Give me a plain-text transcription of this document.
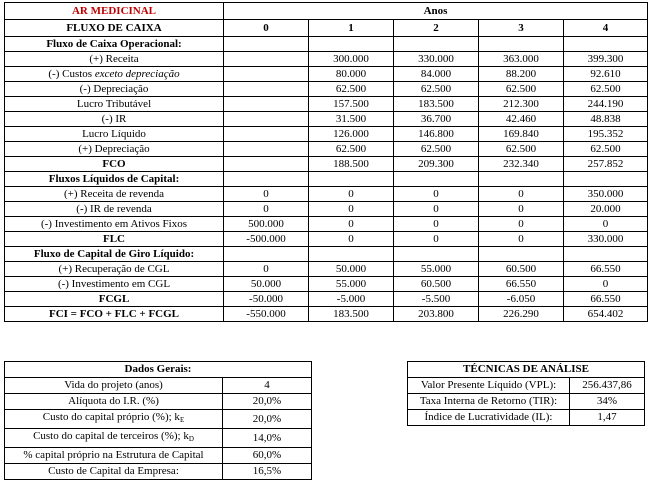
AR MEDICINAL	Anos				
FLUXO DE CAIXA	0	1	2	3	4
Fluxo de Caixa Operacional:					
(+) Receita		300.000	330.000	363.000	399.300
(-) Custos exceto depreciação		80.000	84.000	88.200	92.610
(-) Depreciação		62.500	62.500	62.500	62.500
Lucro Tributável		157.500	183.500	212.300	244.190
(-) IR		31.500	36.700	42.460	48.838
Lucro Líquido		126.000	146.800	169.840	195.352
(+) Depreciação		62.500	62.500	62.500	62.500
FCO		188.500	209.300	232.340	257.852
Fluxos Líquidos de Capital:					
(+) Receita de revenda	0	0	0	0	350.000
(-) IR de revenda	0	0	0	0	20.000
(-) Investimento em Ativos Fixos	500.000	0	0	0	0
FLC	-500.000	0	0	0	330.000
Fluxo de Capital de Giro Líquido:					
(+) Recuperação de CGL	0	50.000	55.000	60.500	66.550
(-) Investimento em CGL	50.000	55.000	60.500	66.550	0
FCGL	-50.000	-5.000	-5.500	-6.050	66.550
FCI = FCO + FLC + FCGL	-550.000	183.500	203.800	226.290	654.402
Dados Gerais:	
Vida do projeto (anos)	4
Alíquota do I.R. (%)	20,0%
Custo do capital próprio (%); $k_E$	20,0%
Custo do capital de terceiros (%); $k_D$	14,0%
% capital próprio na Estrutura de Capital	60,0%
Custo de Capital da Empresa:	16,5%
TÉCNICAS DE ANÁLISE	
Valor Presente Líquido (VPL):	256.437,86
Taxa Interna de Retorno (TIR):	34%
Índice de Lucratividade (IL):	1,47
